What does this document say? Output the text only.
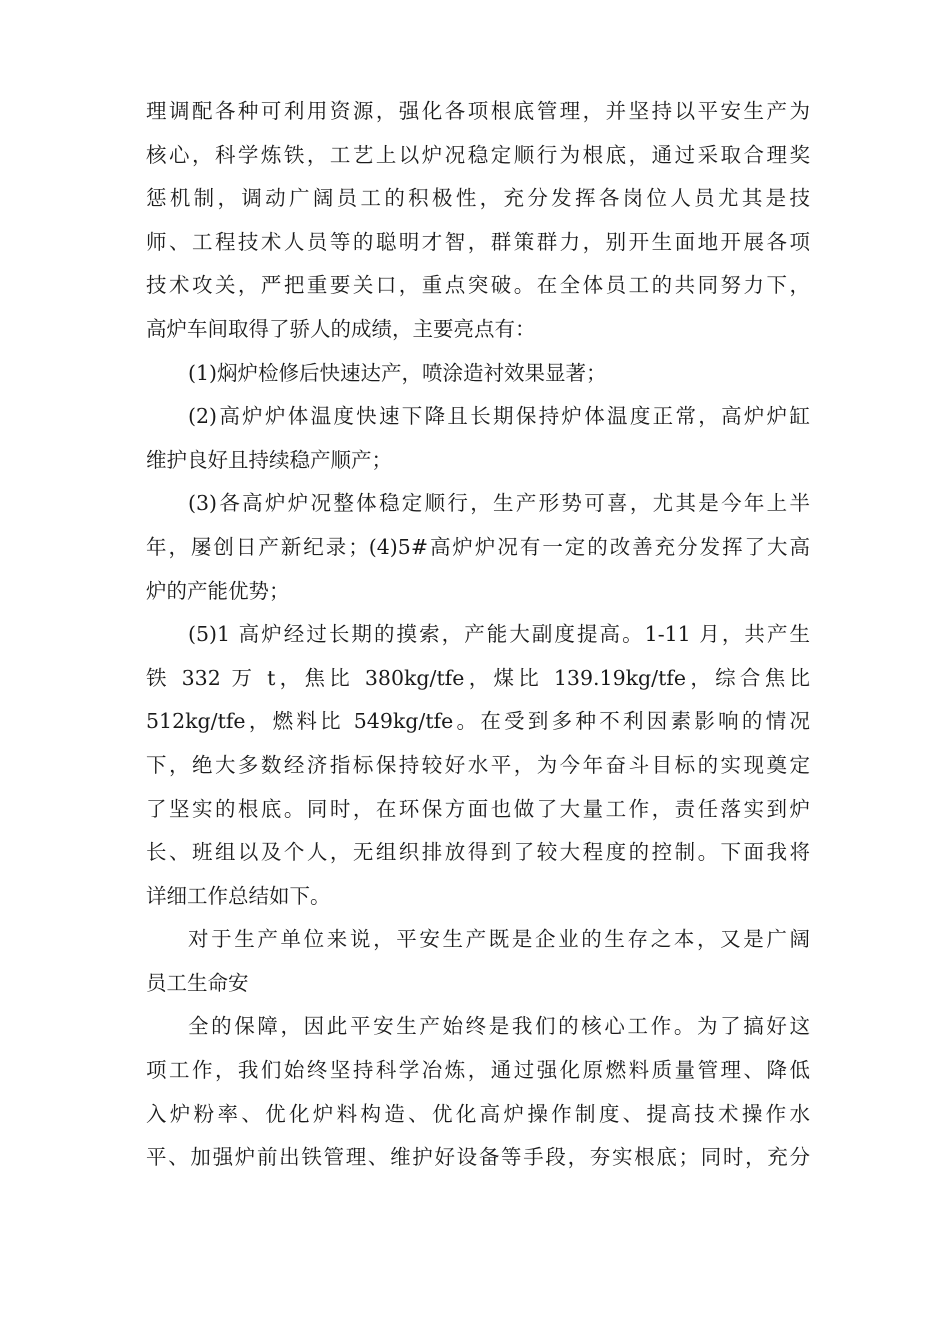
理调配各种可利用资源，强化各项根底管理，并坚持以平安生产为
核心，科学炼铁，工艺上以炉况稳定顺行为根底，通过采取合理奖
惩机制，调动广阔员工的积极性，充分发挥各岗位人员尤其是技
师、工程技术人员等的聪明才智，群策群力，别开生面地开展各项
技术攻关，严把重要关口，重点突破。在全体员工的共同努力下，
高炉车间取得了骄人的成绩，主要亮点有：
(1)焖炉检修后快速达产，喷涂造衬效果显著；
(2)高炉炉体温度快速下降且长期保持炉体温度正常，高炉炉缸
维护良好且持续稳产顺产；
(3)各高炉炉况整体稳定顺行，生产形势可喜，尤其是今年上半
年，屡创日产新纪录；(4)5#高炉炉况有一定的改善充分发挥了大高
炉的产能优势；
(5)1 高炉经过长期的摸索，产能大副度提高。1-11 月，共产生
铁 332 万 t，焦比 380kg/tfe，煤比 139.19kg/tfe，综合焦比
512kg/tfe，燃料比 549kg/tfe。在受到多种不利因素影响的情况
下，绝大多数经济指标保持较好水平，为今年奋斗目标的实现奠定
了坚实的根底。同时，在环保方面也做了大量工作，责任落实到炉
长、班组以及个人，无组织排放得到了较大程度的控制。下面我将
详细工作总结如下。
对于生产单位来说，平安生产既是企业的生存之本，又是广阔
员工生命安
全的保障，因此平安生产始终是我们的核心工作。为了搞好这
项工作，我们始终坚持科学冶炼，通过强化原燃料质量管理、降低
入炉粉率、优化炉料构造、优化高炉操作制度、提高技术操作水
平、加强炉前出铁管理、维护好设备等手段，夯实根底；同时，充分
